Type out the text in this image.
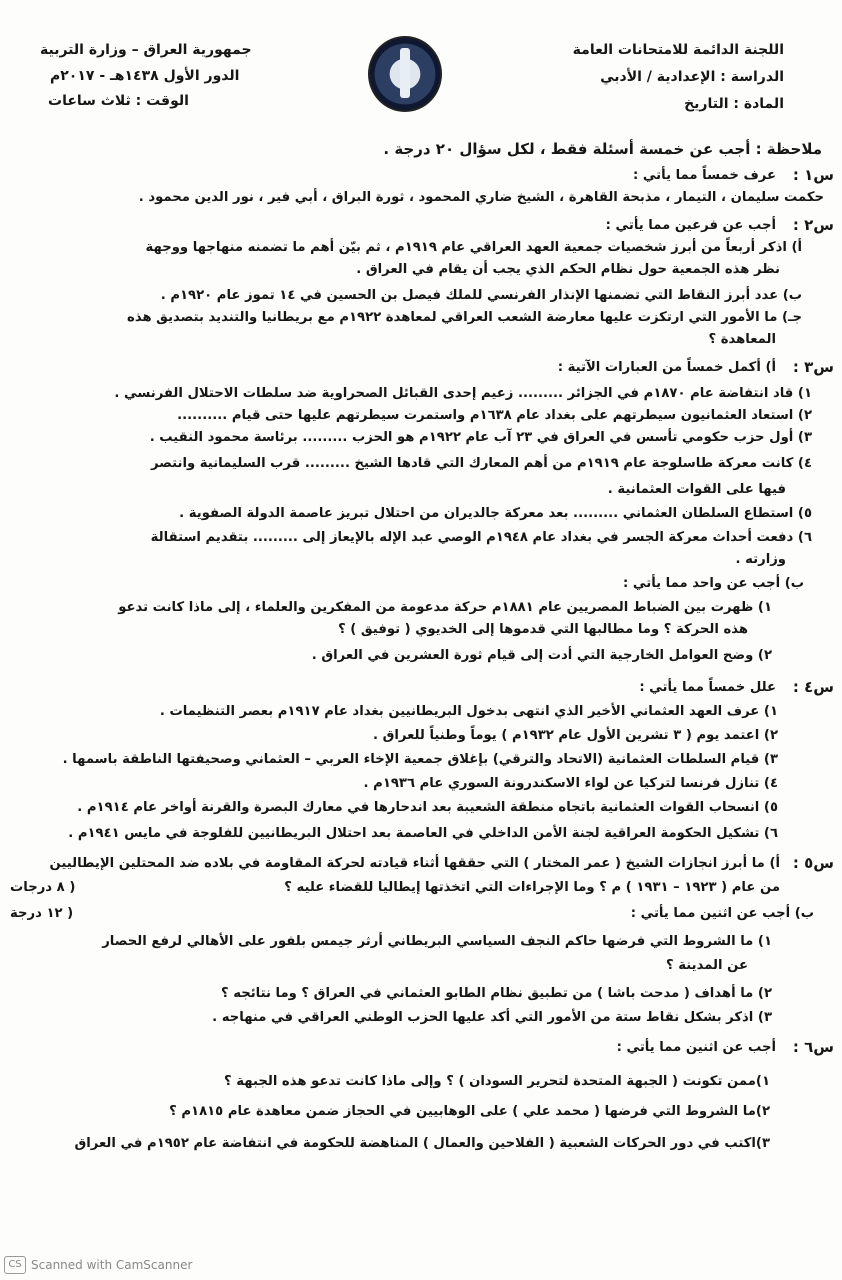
اللجنة الدائمة للامتحانات العامة
الدراسة : الإعدادية / الأدبي
المادة : التاريخ
جمهورية العراق – وزارة التربية
الدور الأول ١٤٣٨هـ - ٢٠١٧م
الوقت : ثلاث ساعات
ملاحظة : أجب عن خمسة أسئلة فقط ، لكل سؤال ٢٠ درجة .
س١ :
عرف خمساً مما يأتي :
حكمت سليمان ، التيمار ، مذبحة القاهرة ، الشيخ ضاري المحمود ، ثورة البراق ، أبي فير ، نور الدين محمود .
س٢ :
أجب عن فرعين مما يأتي :
أ) اذكر أربعاً من أبرز شخصيات جمعية العهد العراقي عام ١٩١٩م ، ثم بيّن أهم ما تضمنه منهاجها ووجهة
نظر هذه الجمعية حول نظام الحكم الذي يجب أن يقام في العراق .
ب) عدد أبرز النقاط التي تضمنها الإنذار الفرنسي للملك فيصل بن الحسين في ١٤ تموز عام ١٩٢٠م .
جـ) ما الأمور التي ارتكزت عليها معارضة الشعب العراقي لمعاهدة ١٩٢٢م مع بريطانيا والتنديد بتصديق هذه
المعاهدة ؟
س٣ :
أ) أكمل خمساً من العبارات الآتية :
١) قاد انتفاضة عام ١٨٧٠م في الجزائر ......... زعيم إحدى القبائل الصحراوية ضد سلطات الاحتلال الفرنسي .
٢) استعاد العثمانيون سيطرتهم على بغداد عام ١٦٣٨م واستمرت سيطرتهم عليها حتى قيام ..........
٣) أول حزب حكومي تأسس في العراق في ٢٣ آب عام ١٩٢٢م هو الحزب ......... برئاسة محمود النقيب .
٤) كانت معركة طاسلوجة عام ١٩١٩م من أهم المعارك التي قادها الشيخ ......... قرب السليمانية وانتصر
فيها على القوات العثمانية .
٥) استطاع السلطان العثماني ......... بعد معركة جالديران من احتلال تبريز عاصمة الدولة الصفوية .
٦) دفعت أحداث معركة الجسر في بغداد عام ١٩٤٨م الوصي عبد الإله بالإيعاز إلى ......... بتقديم استقالة
وزارته .
ب) أجب عن واحد مما يأتي :
١) ظهرت بين الضباط المصريين عام ١٨٨١م حركة مدعومة من المفكرين والعلماء ، إلى ماذا كانت تدعو
هذه الحركة ؟ وما مطالبها التي قدموها إلى الخديوي ( توفيق ) ؟
٢) وضح العوامل الخارجية التي أدت إلى قيام ثورة العشرين في العراق .
س٤ :
علل خمساً مما يأتي :
١) عرف العهد العثماني الأخير الذي انتهى بدخول البريطانيين بغداد عام ١٩١٧م بعصر التنظيمات .
٢) اعتمد يوم ( ٣ تشرين الأول عام ١٩٣٢م ) يوماً وطنياً للعراق .
٣) قيام السلطات العثمانية (الاتحاد والترقي) بإغلاق جمعية الإخاء العربي – العثماني وصحيفتها الناطقة باسمها .
٤) تنازل فرنسا لتركيا عن لواء الاسكندرونة السوري عام ١٩٣٦م .
٥) انسحاب القوات العثمانية باتجاه منطقة الشعيبة بعد اندحارها في معارك البصرة والقرنة أواخر عام ١٩١٤م .
٦) تشكيل الحكومة العراقية لجنة الأمن الداخلي في العاصمة بعد احتلال البريطانيين للفلوجة في مايس ١٩٤١م .
س٥ :
أ) ما أبرز انجازات الشيخ ( عمر المختار ) التي حققها أثناء قيادته لحركة المقاومة في بلاده ضد المحتلين الإيطاليين
من عام ( ١٩٢٣ – ١٩٣١ ) م ؟ وما الإجراءات التي اتخذتها إيطاليا للقضاء عليه ؟
( ٨ درجات
ب) أجب عن اثنين مما يأتي :
( ١٢ درجة
١) ما الشروط التي فرضها حاكم النجف السياسي البريطاني أرثر جيمس بلفور على الأهالي لرفع الحصار
عن المدينة ؟
٢) ما أهداف ( مدحت باشا ) من تطبيق نظام الطابو العثماني في العراق ؟ وما نتائجه ؟
٣) اذكر بشكل نقاط ستة من الأمور التي أكد عليها الحزب الوطني العراقي في منهاجه .
س٦ :
أجب عن اثنين مما يأتي :
١)ممن تكونت ( الجبهة المتحدة لتحرير السودان ) ؟ وإلى ماذا كانت تدعو هذه الجبهة ؟
٢)ما الشروط التي فرضها ( محمد علي ) على الوهابيين في الحجاز ضمن معاهدة عام ١٨١٥م ؟
٣)اكتب في دور الحركات الشعبية ( الفلاحين والعمال ) المناهضة للحكومة في انتفاضة عام ١٩٥٢م في العراق
CS Scanned with CamScanner
